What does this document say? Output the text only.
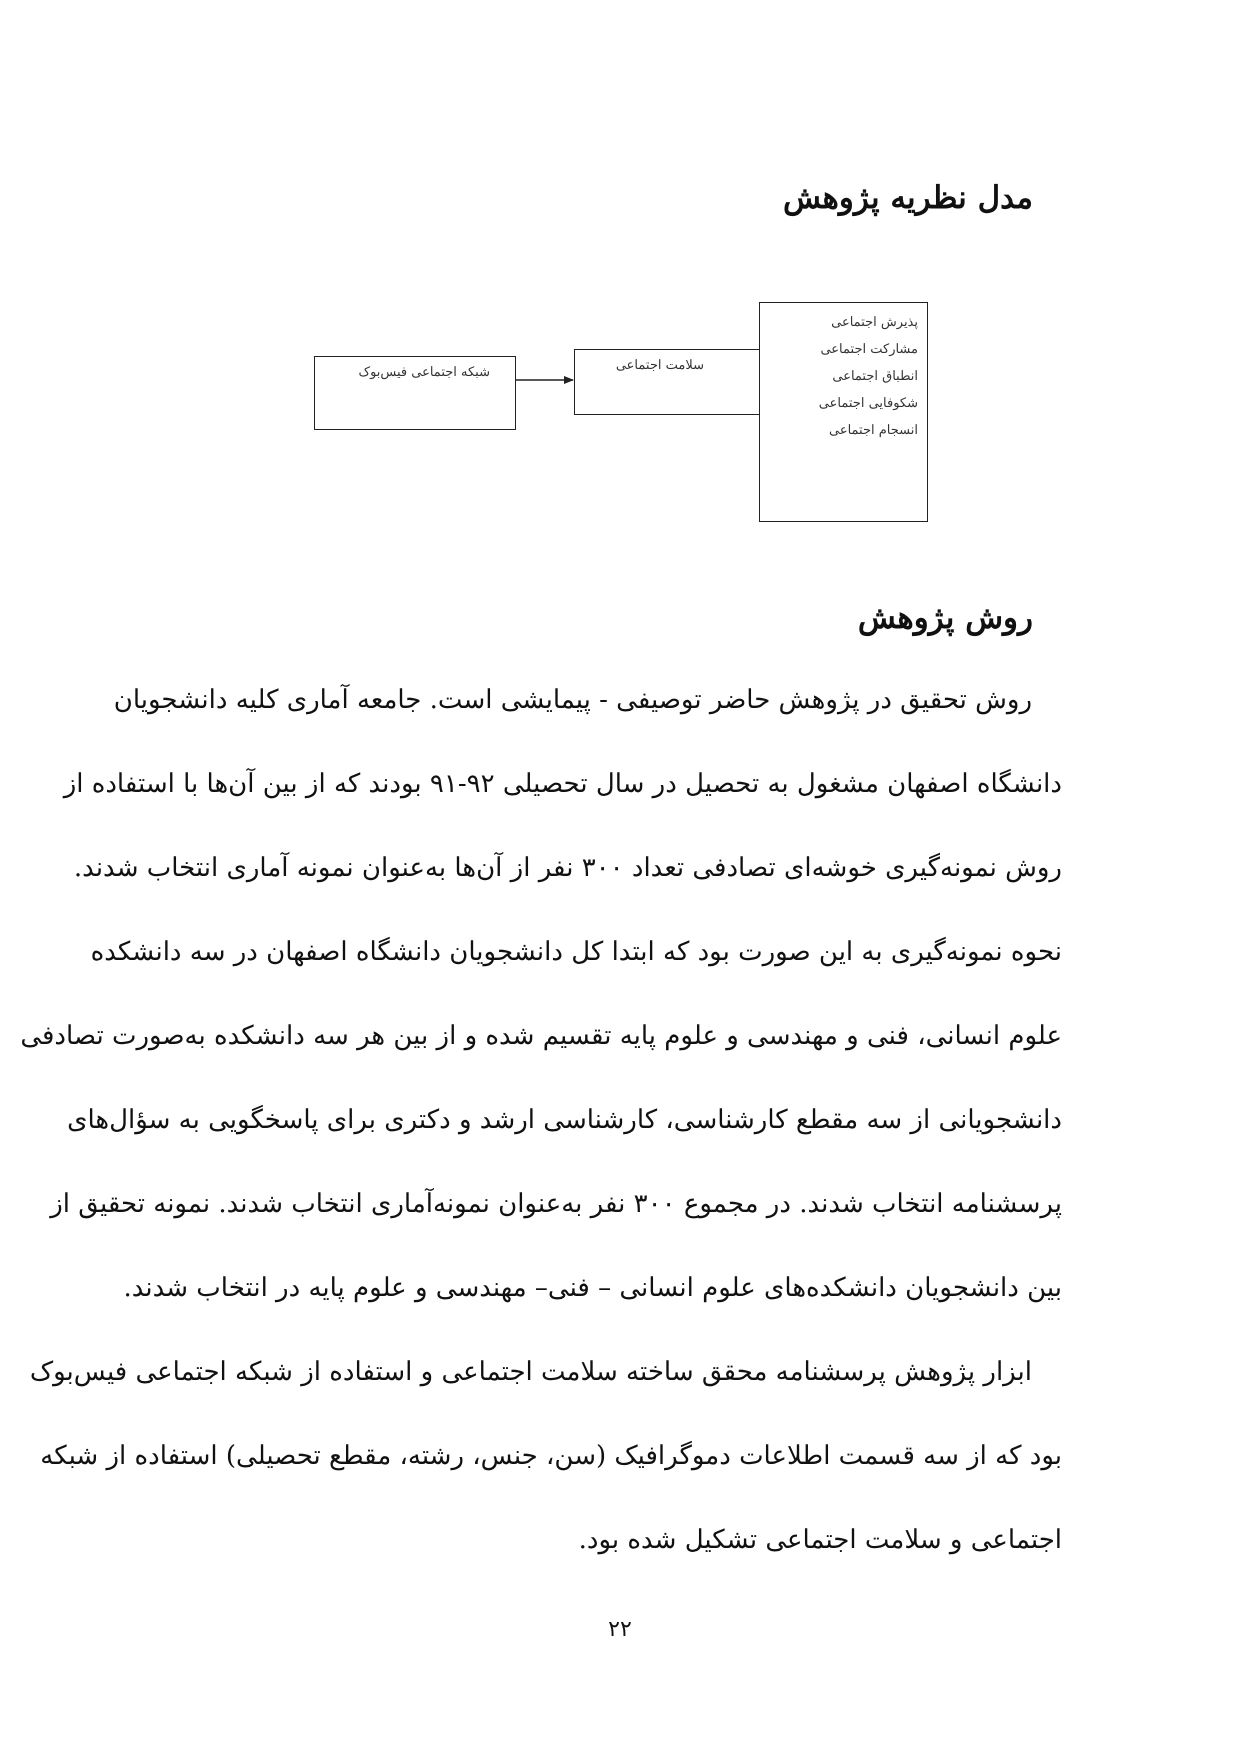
مدل نظریه پژوهش
شبکه اجتماعی فیس‌بوک	سلامت اجتماعی
پذیرش اجتماعی
مشارکت اجتماعی
انطباق اجتماعی
شکوفایی اجتماعی
انسجام اجتماعی
روش پژوهش
روش تحقیق در پژوهش حاضر توصیفی - پیمایشی است. جامعه آماری کلیه دانشجویان
دانشگاه اصفهان مشغول به تحصیل در سال تحصیلی ۹۲-۹۱ بودند که از بین آن‌ها با استفاده از
روش نمونه‌گیری خوشه‌ای تصادفی تعداد ۳۰۰ نفر از آن‌ها به‌عنوان نمونه آماری انتخاب شدند.
نحوه نمونه‌گیری به این صورت بود که ابتدا کل دانشجویان دانشگاه اصفهان در سه دانشکده
علوم انسانی، فنی و مهندسی و علوم پایه تقسیم شده و از بین هر سه دانشکده به‌صورت تصادفی
دانشجویانی از سه مقطع کارشناسی، کارشناسی ارشد و دکتری برای پاسخگویی به سؤال‌های
پرسشنامه انتخاب شدند. در مجموع ۳۰۰ نفر به‌عنوان نمونه‌آماری انتخاب شدند. نمونه تحقیق از
بین دانشجویان دانشکده‌های علوم انسانی – فنی– مهندسی و علوم پایه در انتخاب شدند.
ابزار پژوهش پرسشنامه محقق ساخته سلامت اجتماعی و استفاده از شبکه اجتماعی فیس‌بوک
بود که از سه قسمت اطلاعات دموگرافیک (سن، جنس، رشته، مقطع تحصیلی) استفاده از شبکه
اجتماعی و سلامت اجتماعی تشکیل شده بود.
۲۲
